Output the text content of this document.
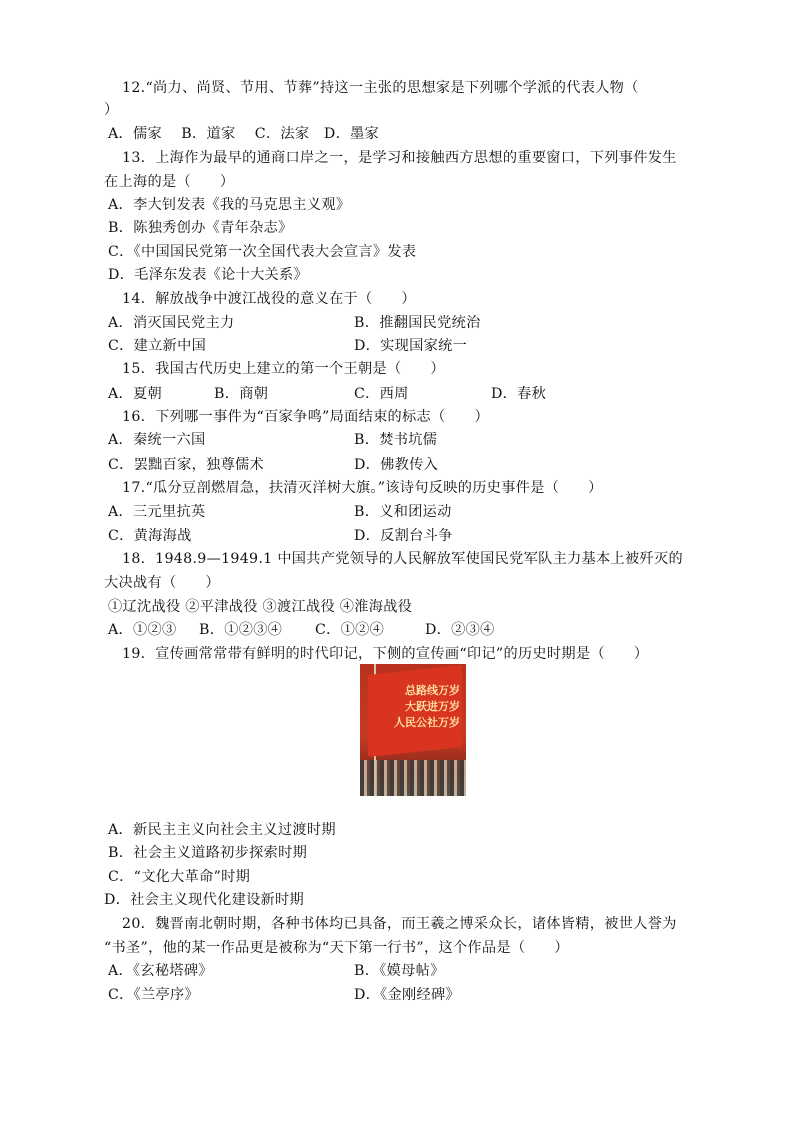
12.“尚力、尚贤、节用、节葬”持这一主张的思想家是下列哪个学派的代表人物（
）
A．儒家　 B．道家　 C．法家　D．墨家
13．上海作为最早的通商口岸之一，是学习和接触西方思想的重要窗口，下列事件发生
在上海的是（　　）
A．李大钊发表《我的马克思主义观》
B．陈独秀创办《青年杂志》
C．《中国国民党第一次全国代表大会宣言》发表
D．毛泽东发表《论十大关系》
14．解放战争中渡江战役的意义在于（　　）
A．消灭国民党主力	B．推翻国民党统治
C．建立新中国	D．实现国家统一
15．我国古代历史上建立的第一个王朝是（　　）
A．夏朝	B．商朝	C．西周	D．春秋
16．下列哪一事件为“百家争鸣”局面结束的标志（　　）
A．秦统一六国	B．焚书坑儒
C．罢黜百家，独尊儒术	D．佛教传入
17.“瓜分豆剖燃眉急，扶清灭洋树大旗。”该诗句反映的历史事件是（　　）
A．三元里抗英	B．义和团运动
C．黄海海战	D．反割台斗争
18．1948.9—1949.1 中国共产党领导的人民解放军使国民党军队主力基本上被歼灭的
大决战有（　　）
①辽沈战役 ②平津战役 ③渡江战役 ④淮海战役
A．①②③ B．①②③④ C．①②④	D．②③④
19．宣传画常常带有鲜明的时代印记，下侧的宣传画“印记”的历史时期是（　　）
总路线万岁
大跃进万岁
人民公社万岁
A．新民主主义向社会主义过渡时期
B．社会主义道路初步探索时期
C．“文化大革命”时期
D．社会主义现代化建设新时期
20．魏晋南北朝时期，各种书体均已具备，而王羲之博采众长，诸体皆精，被世人誉为
“书圣”，他的某一作品更是被称为“天下第一行书”，这个作品是（　　）
A．《玄秘塔碑》	B．《嫫母帖》
C．《兰亭序》	D．《金刚经碑》
